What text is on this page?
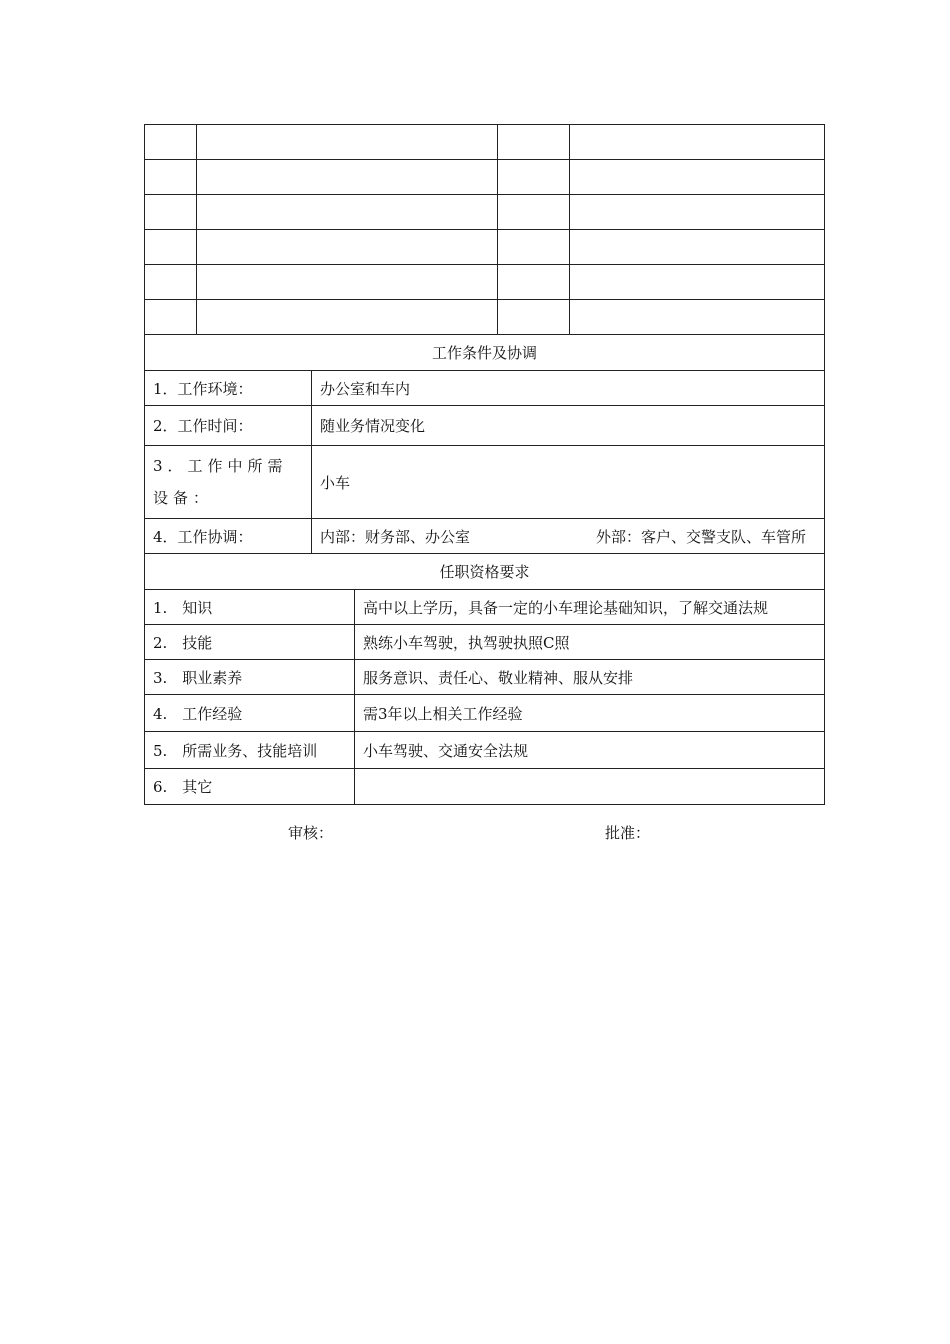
工作条件及协调
1．工作环境：	办公室和车内
2．工作时间：	随业务情况变化
3．工作中所需设备：
小车
4．工作协调：	内部：财务部、办公室	外部：客户、交警支队、车管所
任职资格要求
1.　知识	高中以上学历，具备一定的小车理论基础知识，了解交通法规
2.　技能	熟练小车驾驶，执驾驶执照C照
3.　职业素养	服务意识、责任心、敬业精神、服从安排
4.　工作经验	需3年以上相关工作经验
5.　所需业务、技能培训	小车驾驶、交通安全法规
6.　其它
审核：	批准：
